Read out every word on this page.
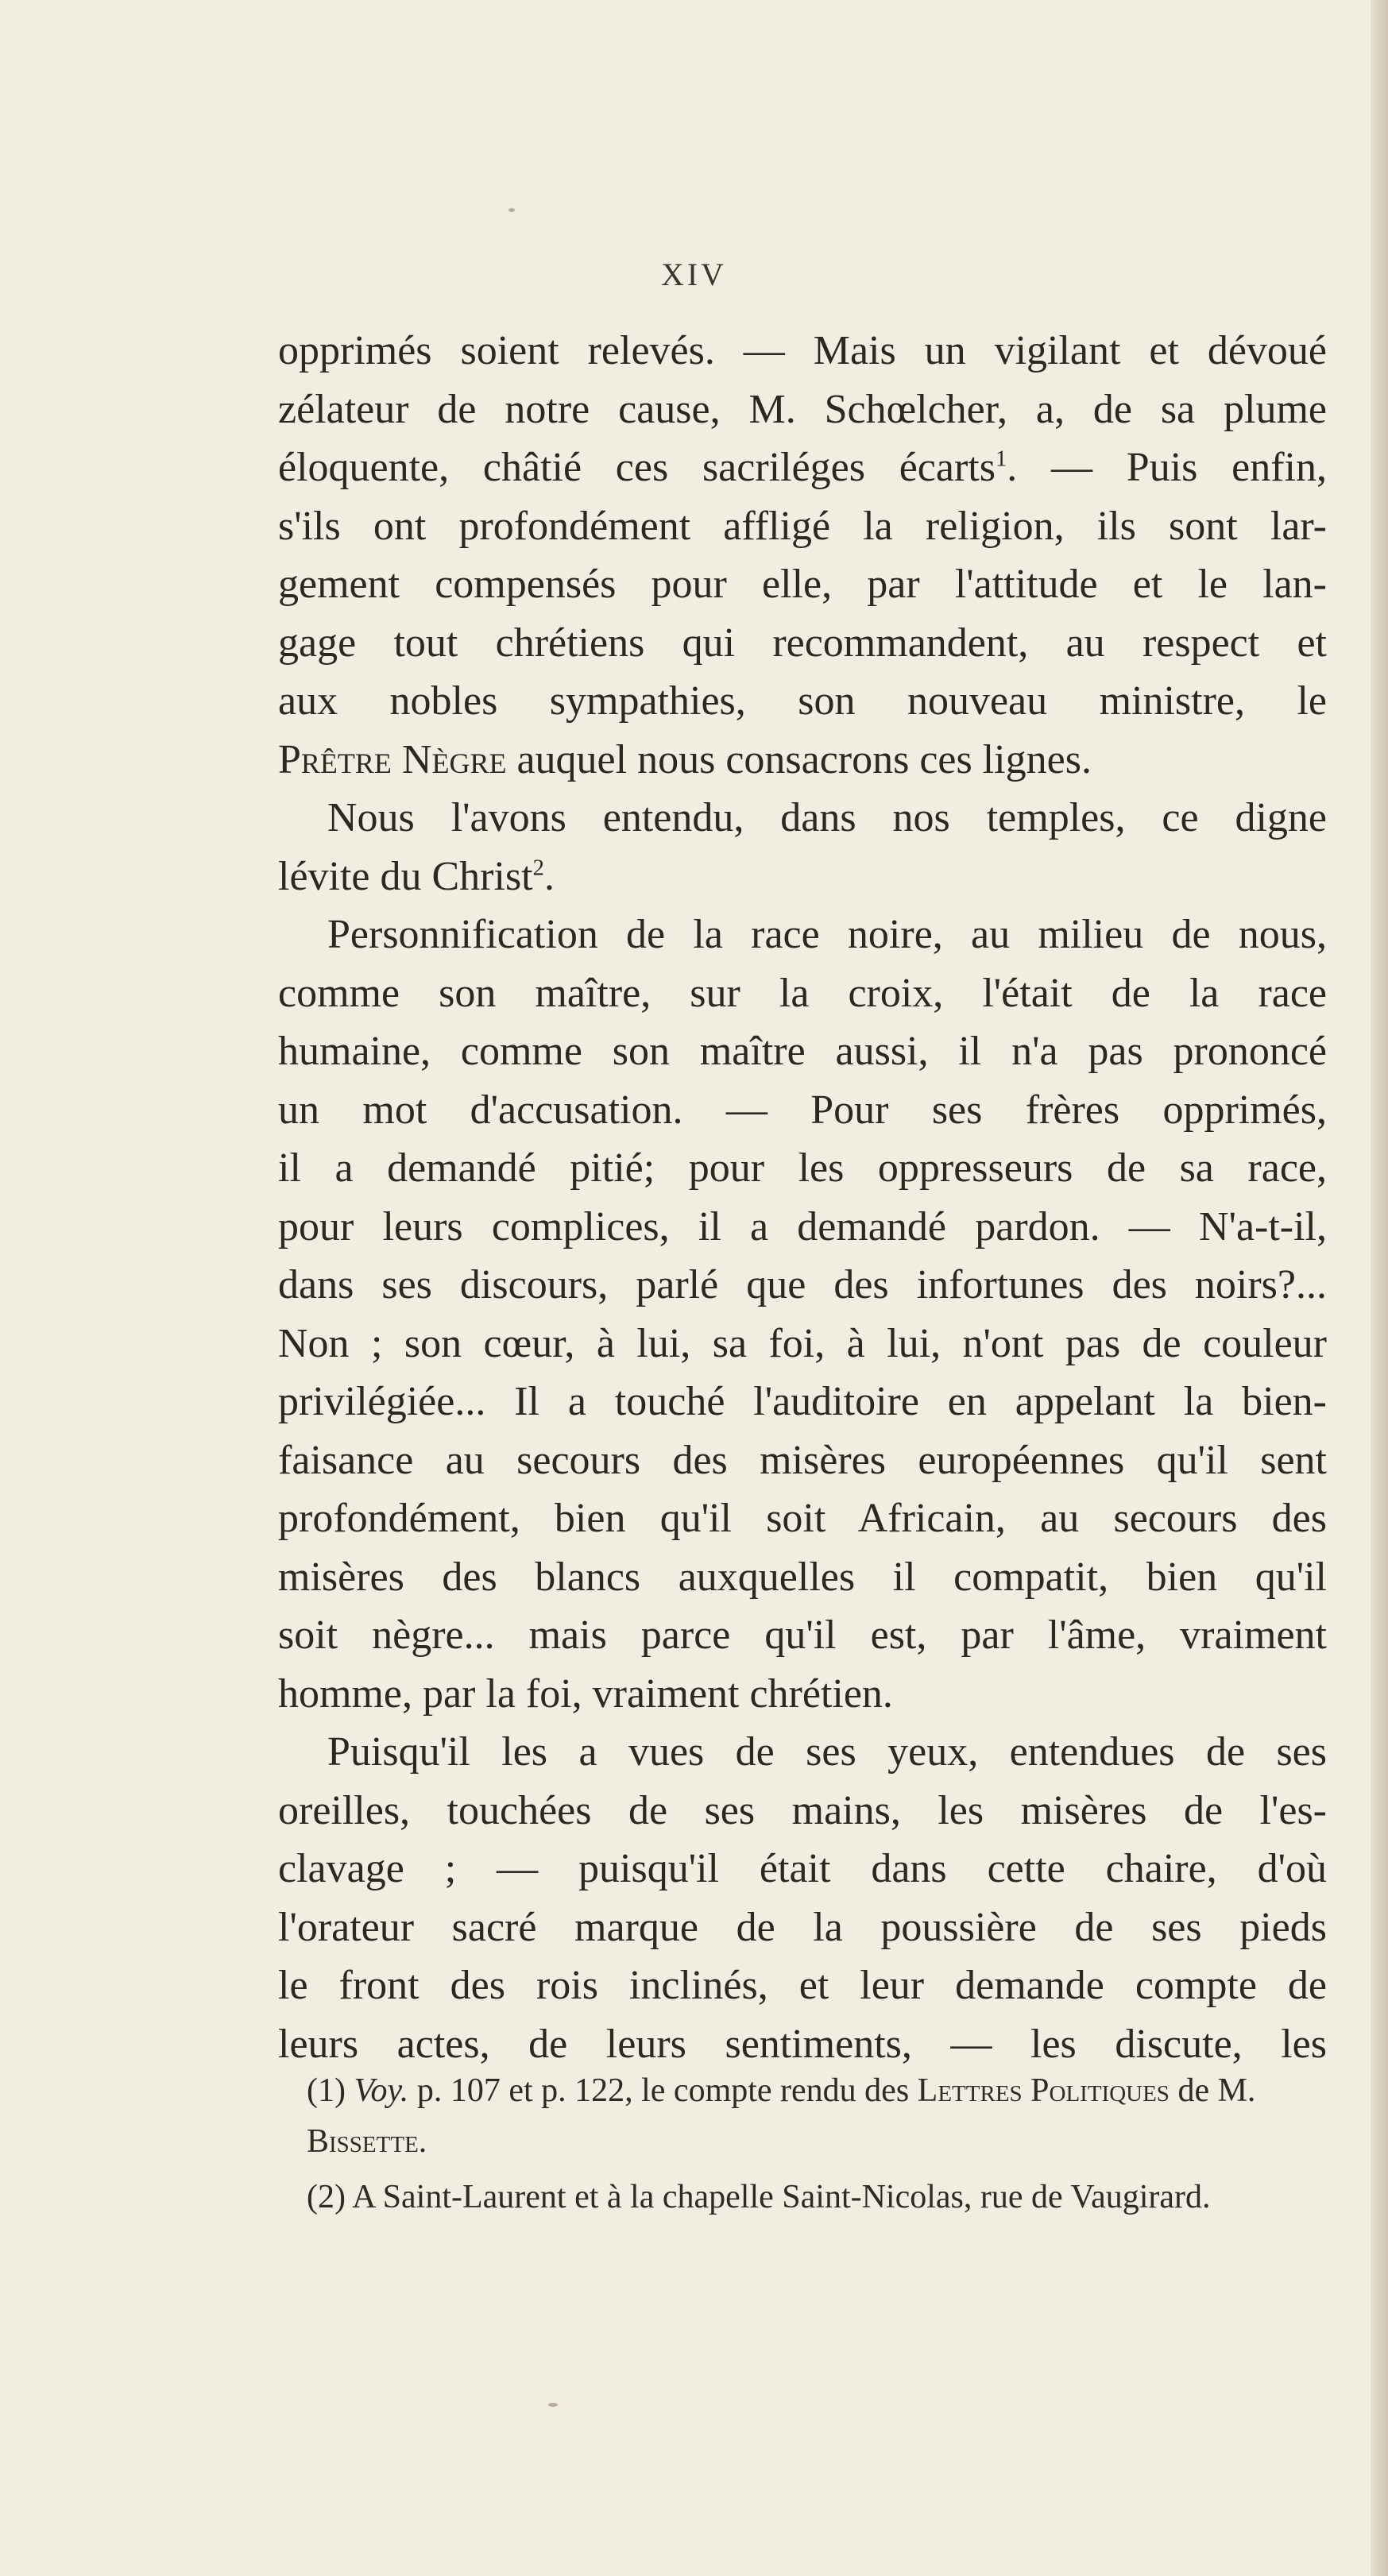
XIV
opprimés soient relevés. — Mais un vigilant et dévoué
zélateur de notre cause, M. Schœlcher, a, de sa plume
éloquente, châtié ces sacriléges écarts$^1$. — Puis enfin,
s'ils ont profondément affligé la religion, ils sont lar-
gement compensés pour elle, par l'attitude et le lan-
gage tout chrétiens qui recommandent, au respect et
aux nobles sympathies, son nouveau ministre, le
Prêtre Nègre auquel nous consacrons ces lignes.
Nous l'avons entendu, dans nos temples, ce digne
lévite du Christ$^2$.
Personnification de la race noire, au milieu de nous,
comme son maître, sur la croix, l'était de la race
humaine, comme son maître aussi, il n'a pas prononcé
un mot d'accusation. — Pour ses frères opprimés,
il a demandé pitié; pour les oppresseurs de sa race,
pour leurs complices, il a demandé pardon. — N'a-t-il,
dans ses discours, parlé que des infortunes des noirs?...
Non ; son cœur, à lui, sa foi, à lui, n'ont pas de couleur
privilégiée... Il a touché l'auditoire en appelant la bien-
faisance au secours des misères européennes qu'il sent
profondément, bien qu'il soit Africain, au secours des
misères des blancs auxquelles il compatit, bien qu'il
soit nègre... mais parce qu'il est, par l'âme, vraiment
homme, par la foi, vraiment chrétien.
Puisqu'il les a vues de ses yeux, entendues de ses
oreilles, touchées de ses mains, les misères de l'es-
clavage ; — puisqu'il était dans cette chaire, d'où
l'orateur sacré marque de la poussière de ses pieds
le front des rois inclinés, et leur demande compte de
leurs actes, de leurs sentiments, — les discute, les
(1) Voy. p. 107 et p. 122, le compte rendu des Lettres Politiques de M. Bissette.
(2) A Saint-Laurent et à la chapelle Saint-Nicolas, rue de Vaugirard.
